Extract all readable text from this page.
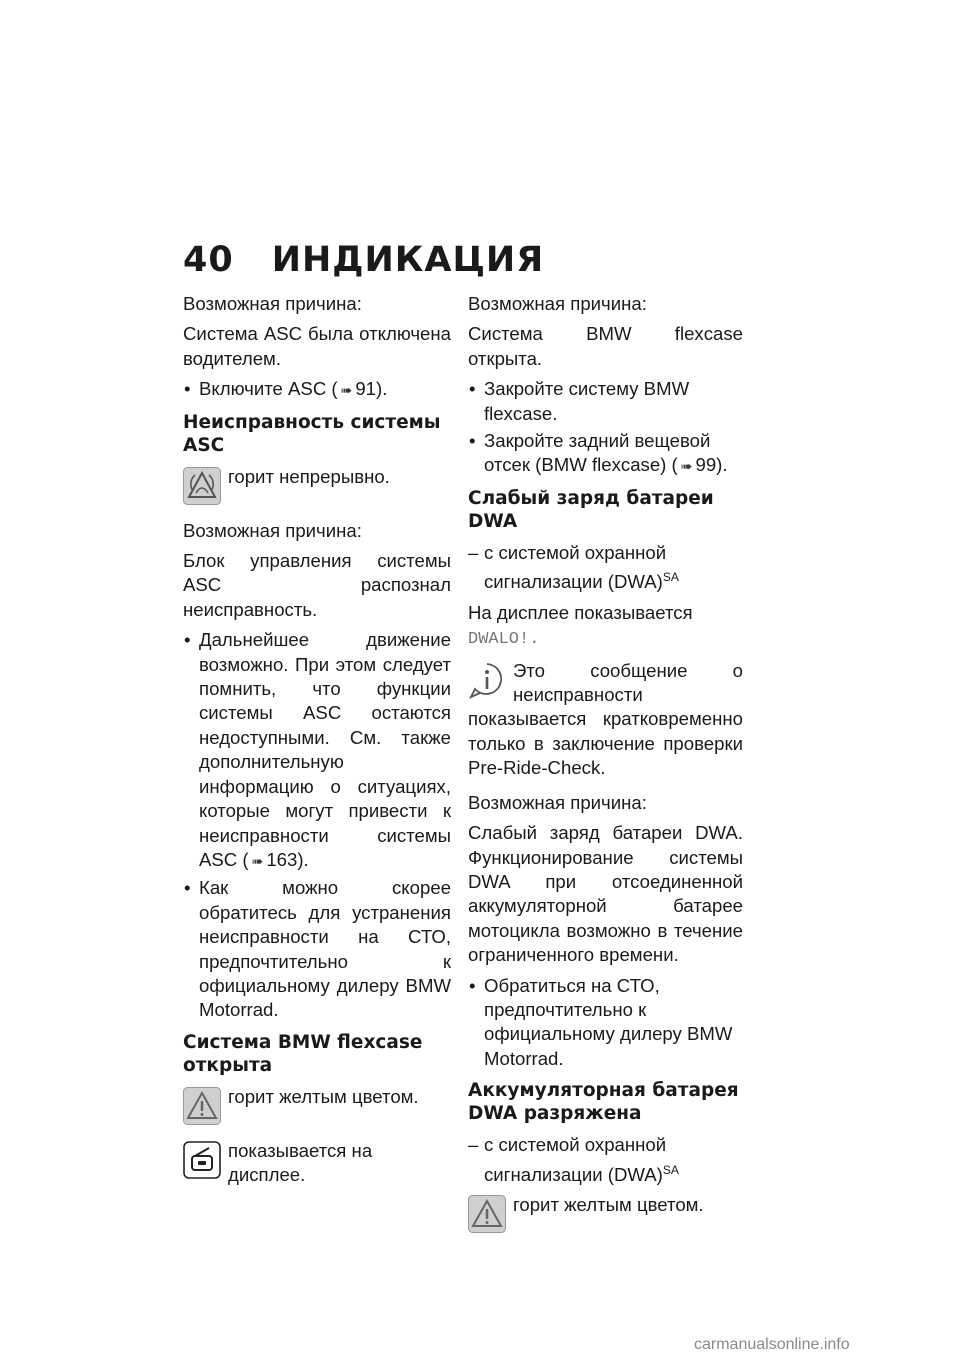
40 ИНДИКАЦИЯ

Возможная причина:

Система ASC была отключена водителем.

• Включите ASC ( ➠ 91).

Неисправность системы ASC
горит непрерывно.

Возможная причина:

Блок управления системы ASC распознал неисправность.

• Дальнейшее движение возможно. При этом следует помнить, что функции системы ASC остаются недоступными. См. также дополнительную информацию о ситуациях, которые могут привести к неисправности системы ASC ( ➠ 163).

• Как можно скорее обратитесь для устранения неисправности на СТО, предпочтительно к официальному дилеру BMW Motorrad.

Система BMW flexcase открыта
горит желтым цветом.
показывается на дисплее.

Возможная причина:

Система BMW flexcase открыта.

• Закройте систему BMW flexcase.

• Закройте задний вещевой отсек (BMW flexcase) ( ➠ 99).

Слабый заряд батареи DWA

– с системой охранной сигнализации (DWA)$^{SA}$

На дисплее показывается
DWALO!.

Это сообщение о неисправности показывается кратковременно только в заключение проверки Pre-Ride-Check.

Возможная причина:

Слабый заряд батареи DWA. Функционирование системы DWA при отсоединенной аккумуляторной батарее мотоцикла возможно в течение ограниченного времени.

• Обратиться на СТО, предпочтительно к официальному дилеру BMW Motorrad.

Аккумуляторная батарея DWA разряжена

– с системой охранной сигнализации (DWA)$^{SA}$

горит желтым цветом.
carmanualsonline.info
